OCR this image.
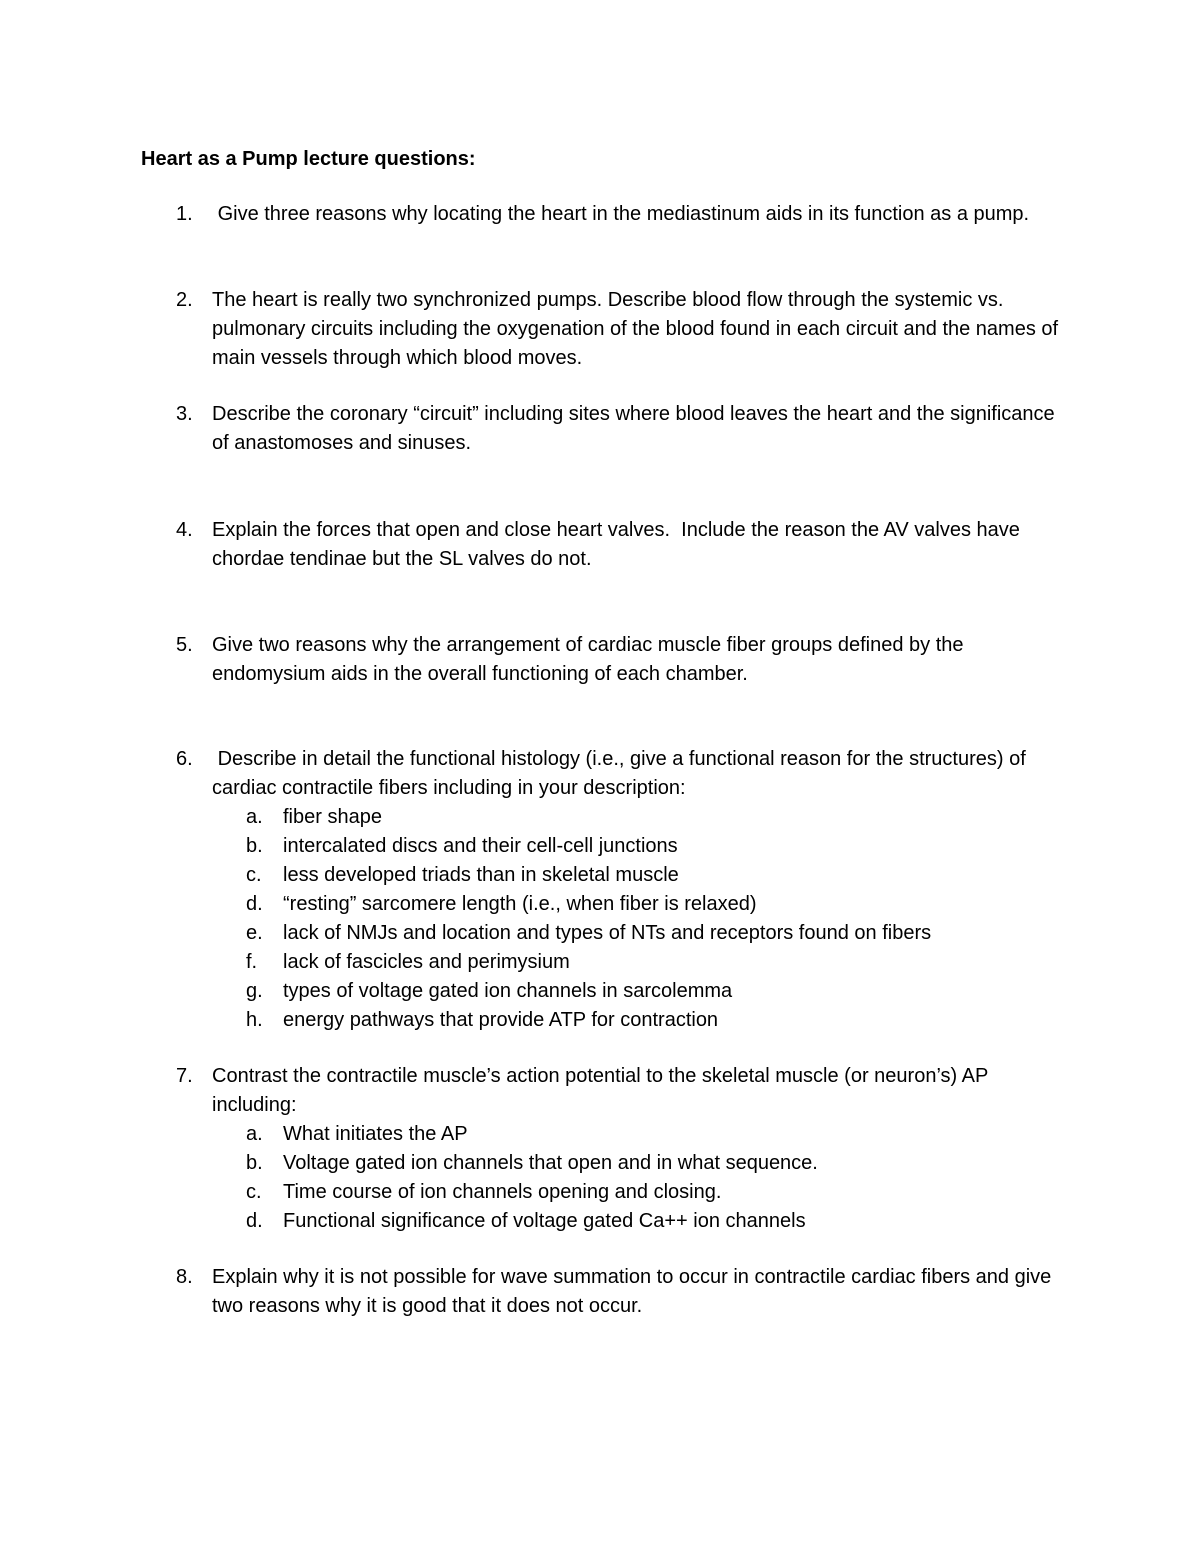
Heart as a Pump lecture questions:
1. Give three reasons why locating the heart in the mediastinum aids in its function as a pump.
2. The heart is really two synchronized pumps. Describe blood flow through the systemic vs. pulmonary circuits including the oxygenation of the blood found in each circuit and the names of main vessels through which blood moves.
3. Describe the coronary “circuit” including sites where blood leaves the heart and the significance of anastomoses and sinuses.
4. Explain the forces that open and close heart valves.  Include the reason the AV valves have chordae tendinae but the SL valves do not.
5. Give two reasons why the arrangement of cardiac muscle fiber groups defined by the endomysium aids in the overall functioning of each chamber.
6. Describe in detail the functional histology (i.e., give a functional reason for the structures) of cardiac contractile fibers including in your description:
a. fiber shape
b. intercalated discs and their cell-cell junctions
c. less developed triads than in skeletal muscle
d. “resting” sarcomere length (i.e., when fiber is relaxed)
e. lack of NMJs and location and types of NTs and receptors found on fibers
f. lack of fascicles and perimysium
g. types of voltage gated ion channels in sarcolemma
h. energy pathways that provide ATP for contraction
7. Contrast the contractile muscle’s action potential to the skeletal muscle (or neuron’s) AP including:
a. What initiates the AP
b. Voltage gated ion channels that open and in what sequence.
c. Time course of ion channels opening and closing.
d. Functional significance of voltage gated Ca++ ion channels
8. Explain why it is not possible for wave summation to occur in contractile cardiac fibers and give two reasons why it is good that it does not occur.
